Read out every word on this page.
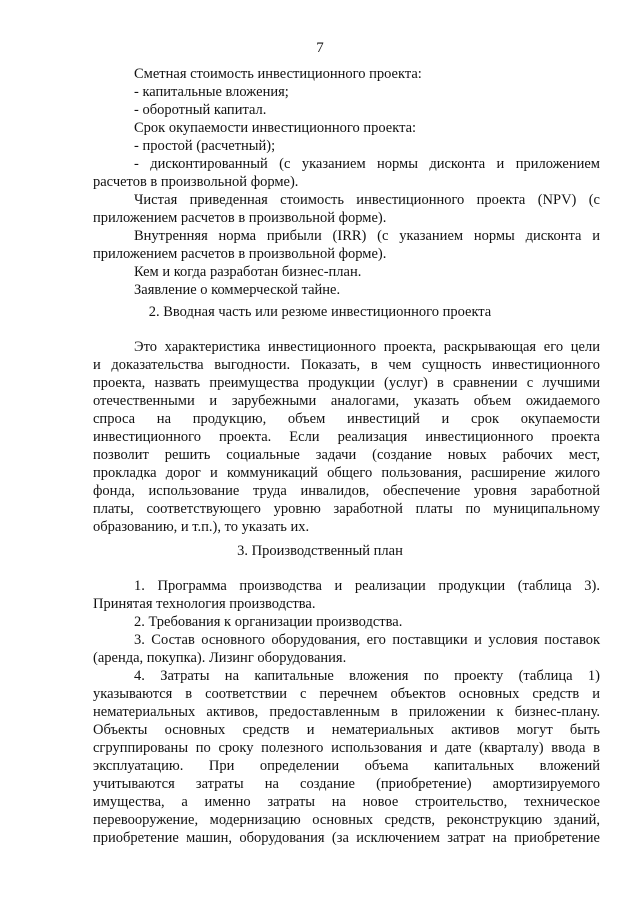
7
Сметная стоимость инвестиционного проекта:
- капитальные вложения;
- оборотный капитал.
Срок окупаемости инвестиционного проекта:
- простой (расчетный);
- дисконтированный (с указанием нормы дисконта и приложением
расчетов в произвольной форме).
Чистая приведенная стоимость инвестиционного проекта (NPV) (с
приложением расчетов в произвольной форме).
Внутренняя норма прибыли (IRR) (с указанием нормы дисконта и
приложением расчетов в произвольной форме).
Кем и когда разработан бизнес-план.
Заявление о коммерческой тайне.
2. Вводная часть или резюме инвестиционного проекта
Это характеристика инвестиционного проекта, раскрывающая его цели
и доказательства выгодности. Показать, в чем сущность инвестиционного
проекта, назвать преимущества продукции (услуг) в сравнении с лучшими
отечественными и зарубежными аналогами, указать объем ожидаемого
спроса на продукцию, объем инвестиций и срок окупаемости
инвестиционного проекта. Если реализация инвестиционного проекта
позволит решить социальные задачи (создание новых рабочих мест,
прокладка дорог и коммуникаций общего пользования, расширение жилого
фонда, использование труда инвалидов, обеспечение уровня заработной
платы, соответствующего уровню заработной платы по муниципальному
образованию, и т.п.), то указать их.
3. Производственный план
1. Программа производства и реализации продукции (таблица 3).
Принятая технология производства.
2. Требования к организации производства.
3. Состав основного оборудования, его поставщики и условия поставок
(аренда, покупка). Лизинг оборудования.
4. Затраты на капитальные вложения по проекту (таблица 1)
указываются в соответствии с перечнем объектов основных средств и
нематериальных активов, предоставленным в приложении к бизнес-плану.
Объекты основных средств и нематериальных активов могут быть
сгруппированы по сроку полезного использования и дате (кварталу) ввода в
эксплуатацию. При определении объема капитальных вложений
учитываются затраты на создание (приобретение) амортизируемого
имущества, а именно затраты на новое строительство, техническое
перевооружение, модернизацию основных средств, реконструкцию зданий,
приобретение машин, оборудования (за исключением затрат на приобретение
